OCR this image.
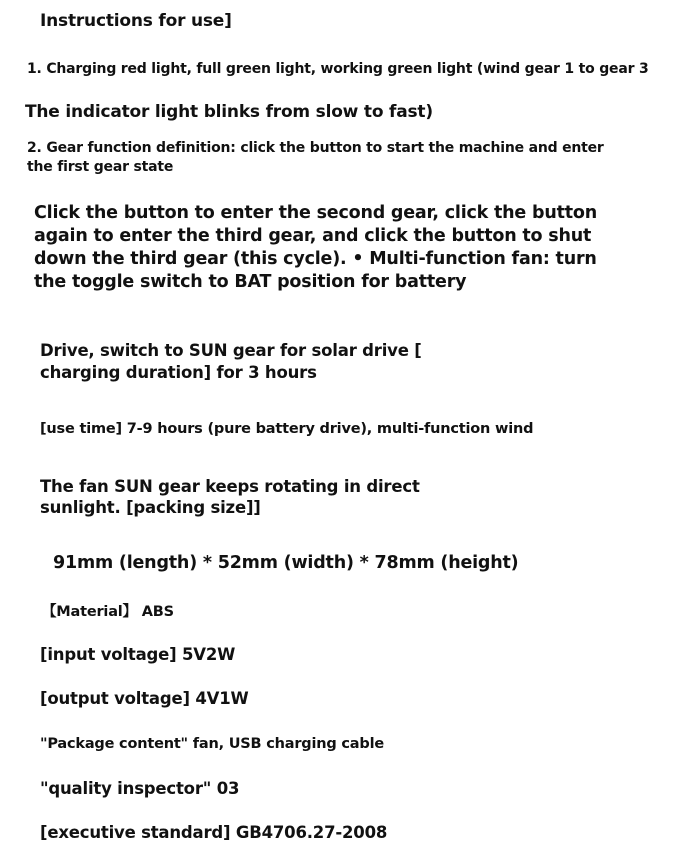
Instructions for use]
1. Charging red light, full green light, working green light (wind gear 1 to gear 3
The indicator light blinks from slow to fast)
2. Gear function definition: click the button to start the machine and enter
the first gear state
Click the button to enter the second gear, click the button
again to enter the third gear, and click the button to shut
down the third gear (this cycle). • Multi-function fan: turn
the toggle switch to BAT position for battery
Drive, switch to SUN gear for solar drive [
charging duration] for 3 hours
[use time] 7-9 hours (pure battery drive), multi-function wind
The fan SUN gear keeps rotating in direct
sunlight. [packing size]]
91mm (length) * 52mm (width) * 78mm (height)
【Material】 ABS
[input voltage] 5V2W
[output voltage] 4V1W
"Package content" fan, USB charging cable
"quality inspector" 03
[executive standard] GB4706.27-2008
